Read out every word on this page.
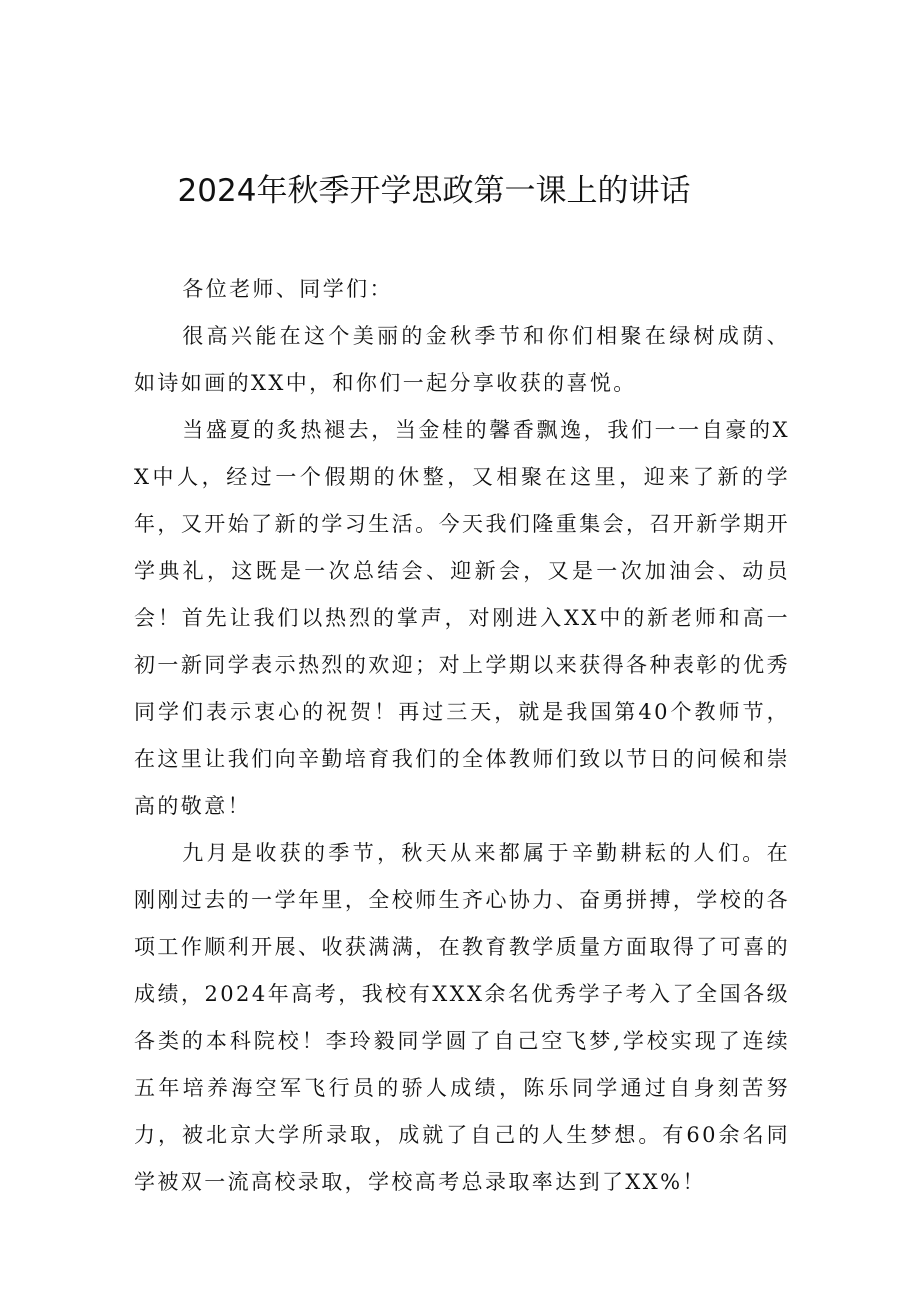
2024年秋季开学思政第一课上的讲话

各位老师、同学们：

很高兴能在这个美丽的金秋季节和你们相聚在绿树成荫、如诗如画的XX中，和你们一起分享收获的喜悦。

当盛夏的炙热褪去，当金桂的馨香飘逸，我们一一自豪的XX中人，经过一个假期的休整，又相聚在这里，迎来了新的学年，又开始了新的学习生活。今天我们隆重集会，召开新学期开学典礼，这既是一次总结会、迎新会，又是一次加油会、动员会！首先让我们以热烈的掌声，对刚进入XX中的新老师和高一初一新同学表示热烈的欢迎；对上学期以来获得各种表彰的优秀同学们表示衷心的祝贺！再过三天，就是我国第40个教师节，在这里让我们向辛勤培育我们的全体教师们致以节日的问候和崇高的敬意！

九月是收获的季节，秋天从来都属于辛勤耕耘的人们。在刚刚过去的一学年里，全校师生齐心协力、奋勇拼搏，学校的各项工作顺利开展、收获满满，在教育教学质量方面取得了可喜的成绩，2024年高考，我校有XXX余名优秀学子考入了全国各级各类的本科院校！李玲毅同学圆了自己空飞梦,学校实现了连续五年培养海空军飞行员的骄人成绩，陈乐同学通过自身刻苦努力，被北京大学所录取，成就了自己的人生梦想。有60余名同学被双一流高校录取，学校高考总录取率达到了XX%！
